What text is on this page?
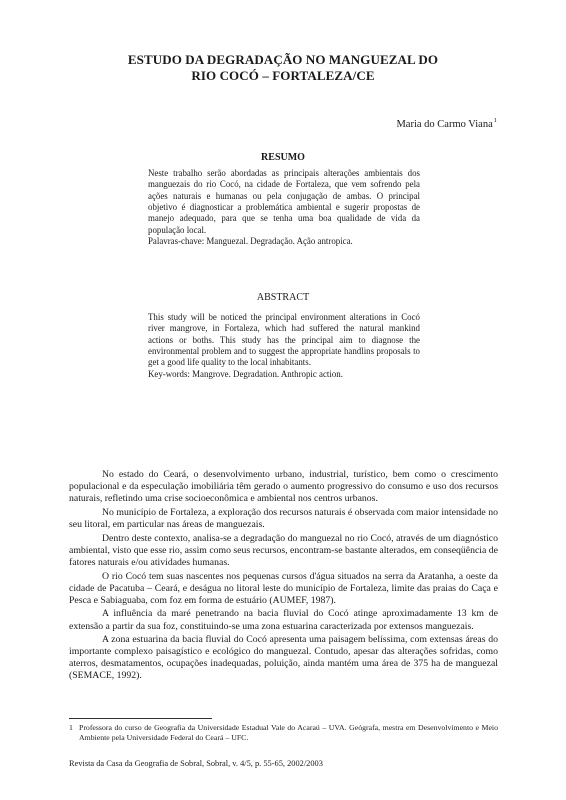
ESTUDO DA DEGRADAÇÃO NO MANGUEZAL DO
RIO COCÓ – FORTALEZA/CE
Maria do Carmo Viana$^1$
RESUMO

Neste trabalho serão abordadas as principais alterações ambientais dos manguezais do rio Cocó, na cidade de Fortaleza, que vem sofrendo pela ações naturais e humanas ou pela conjugação de ambas. O principal objetivo é diagnosticar a problemática ambiental e sugerir propostas de manejo adequado, para que se tenha uma boa qualidade de vida da população local.

Palavras-chave: Manguezal. Degradação. Ação antropica.

ABSTRACT

This study will be noticed the principal environment alterations in Cocó river mangrove, in Fortaleza, which had suffered the natural mankind actions or boths. This study has the principal aim to diagnose the environmental problem and to suggest the appropriate handlins proposals to get a good life quality to the local inhabitants.

Key-words: Mangrove. Degradation. Anthropic action.

No estado do Ceará, o desenvolvimento urbano, industrial, turístico, bem como o crescimento populacional e da especulação imobiliária têm gerado o aumento progressivo do consumo e uso dos recursos naturais, refletindo uma crise socioeconômica e ambiental nos centros urbanos.

No município de Fortaleza, a exploração dos recursos naturais é observada com maior intensidade no seu litoral, em particular nas áreas de manguezais.

Dentro deste contexto, analisa-se a degradação do manguezal no rio Cocó, através de um diagnóstico ambiental, visto que esse rio, assim como seus recursos, encontram-se bastante alterados, em conseqüência de fatores naturais e/ou atividades humanas.

O rio Cocó tem suas nascentes nos pequenas cursos d'água situados na serra da Aratanha, a oeste da cidade de Pacatuba – Ceará, e deságua no litoral leste do município de Fortaleza, limite das praias do Caça e Pesca e Sabiaguaba, com foz em forma de estuário (AUMEF, 1987).

A influência da maré penetrando na bacia fluvial do Cocó atinge aproximadamente 13 km de extensão a partir da sua foz, constituindo-se uma zona estuarina caracterizada por extensos manguezais.

A zona estuarina da bacia fluvial do Cocó apresenta uma paisagem belíssima, com extensas áreas do importante complexo paisagístico e ecológico do manguezal. Contudo, apesar das alterações sofridas, como aterros, desmatamentos, ocupações inadequadas, poluição, ainda mantém uma área de 375 ha de manguezal (SEMACE, 1992).

1 Professora do curso de Geografia da Universidade Estadual Vale do Acaraú – UVA. Geógrafa, mestra em Desenvolvimento e Meio Ambiente pela Universidade Federal do Ceará – UFC.
Revista da Casa da Geografia de Sobral, Sobral, v. 4/5, p. 55-65, 2002/2003
